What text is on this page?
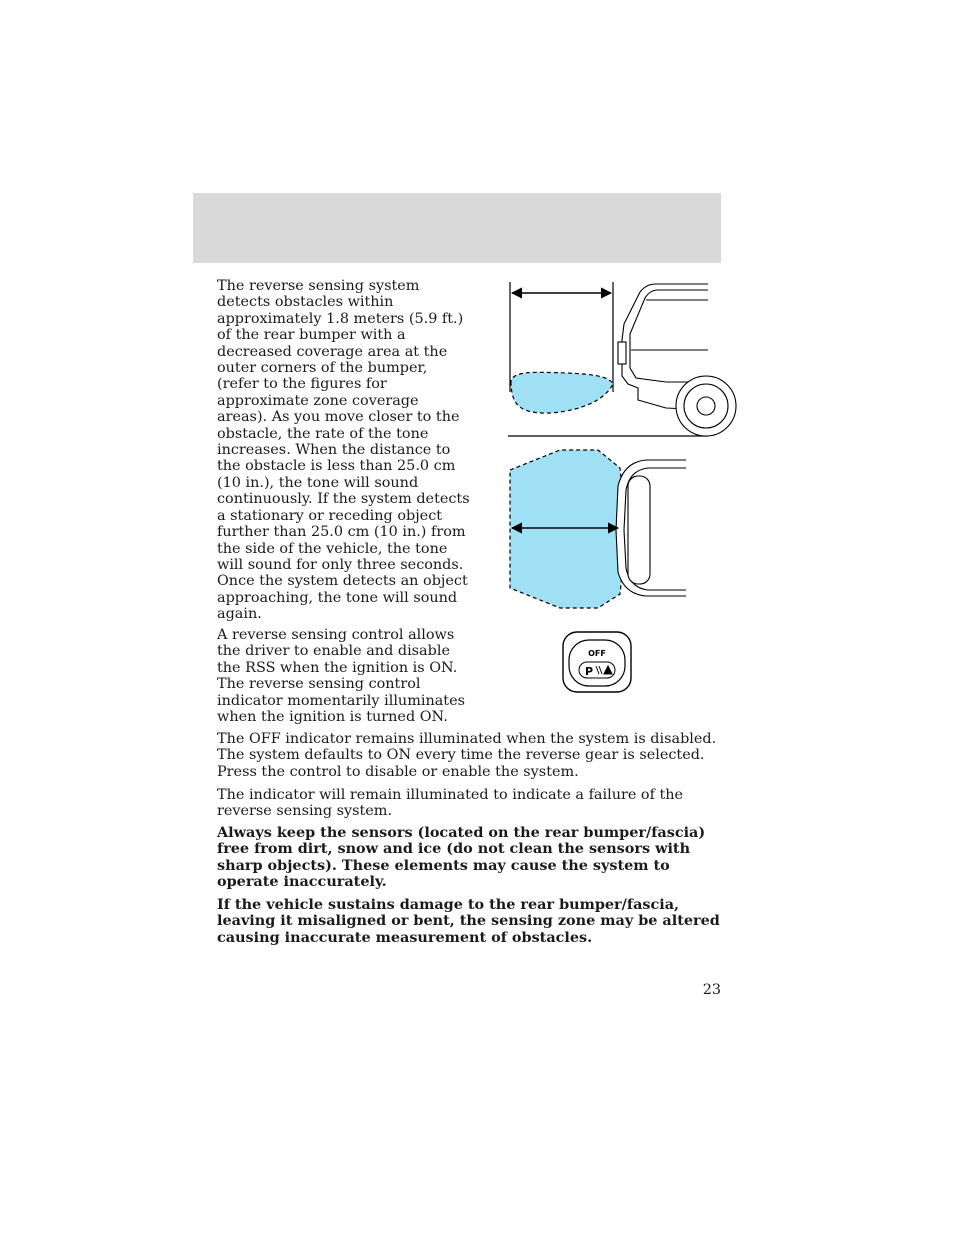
The reverse sensing system detects obstacles within approximately 1.8 meters (5.9 ft.) of the rear bumper with a decreased coverage area at the outer corners of the bumper, (refer to the figures for approximate zone coverage areas). As you move closer to the obstacle, the rate of the tone increases. When the distance to the obstacle is less than 25.0 cm (10 in.), the tone will sound continuously. If the system detects a stationary or receding object further than 25.0 cm (10 in.) from the side of the vehicle, the tone will sound for only three seconds. Once the system detects an object approaching, the tone will sound again.

A reverse sensing control allows the driver to enable and disable the RSS when the ignition is ON. The reverse sensing control indicator momentarily illuminates when the ignition is turned ON.

OFF
P

The OFF indicator remains illuminated when the system is disabled. The system defaults to ON every time the reverse gear is selected. Press the control to disable or enable the system.

The indicator will remain illuminated to indicate a failure of the reverse sensing system.

Always keep the sensors (located on the rear bumper/fascia) free from dirt, snow and ice (do not clean the sensors with sharp objects). These elements may cause the system to operate inaccurately.

If the vehicle sustains damage to the rear bumper/fascia, leaving it misaligned or bent, the sensing zone may be altered causing inaccurate measurement of obstacles.

23
